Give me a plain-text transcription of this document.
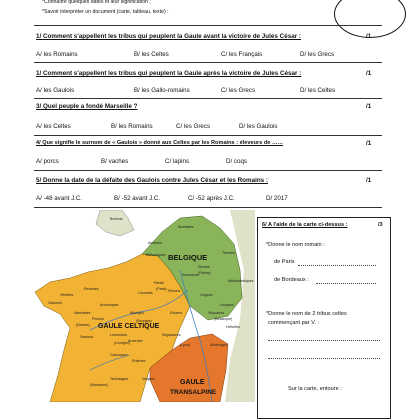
*Connaître quelques dates et leur signification ;
*Savoir interpréter un document (carte, tableau, texte) :
1/ Comment s'appellent les tribus qui peuplent la Gaule avant la victoire de Jules César :	/1
A/ les Romains	B/ les Celtes	C/ les Français	D/ les Grecs
1/ Comment s'appellent les tribus qui peuplent la Gaule après la victoire de Jules César :	/1
A/ les Gaulois	B/ les Gallo-romains	C/ les Grecs	D/ les Celtes
3/ Quel peuple a fondé Marseille ?	/1
A/ les Celtes	B/ les Romains	C/ les Grecs	D/ les Gaulois
4/ Que signifie le surnom de « Gaulois » donné aux Celtes par les Romains : éleveurs de ……	/1
A/ porcs	B/ vaches	C/ lapins	D/ coqs
5/ Donne la date de la défaite des Gaulois contre Jules César et les Romains :	/1
A/ -48 avant J.C.	B/ -52 avant J.C.	C/ -52 après J.C.	D/ 2017
BELGIQUE
GAULE CELTIQUE
GAULE
TRANSALPINE
Atrebates
Ambiens
Bellovaques	Trévires
Rèmes
Suessions
Lingons
Médiomatriques
Leuques
Séquanes
Helvètes
Eduens
Arvernes
Bituriges
Carnutes
Parisii
Sénons
Vénètes
Osismes
Redones
Namnètes
Pictons
Santons	Lemovices
Cadurques
Ségusiaves
Allobroges
Rutènes
Volques
Tectosages
Armoriques
Bretons
(Reims)
(Paris)
(Nantes)
(Bordeaux)
(Lyon)
(Besançon)
(Limoges)
(Bourges)
6/ A l'aide de la carte ci-dessus :	/3
*Donne le nom romain :
de Paris
de Bordeaux :
*Donne le nom de 2 tribus celtes
commençant par V. :
Sur la carte, entoure :
